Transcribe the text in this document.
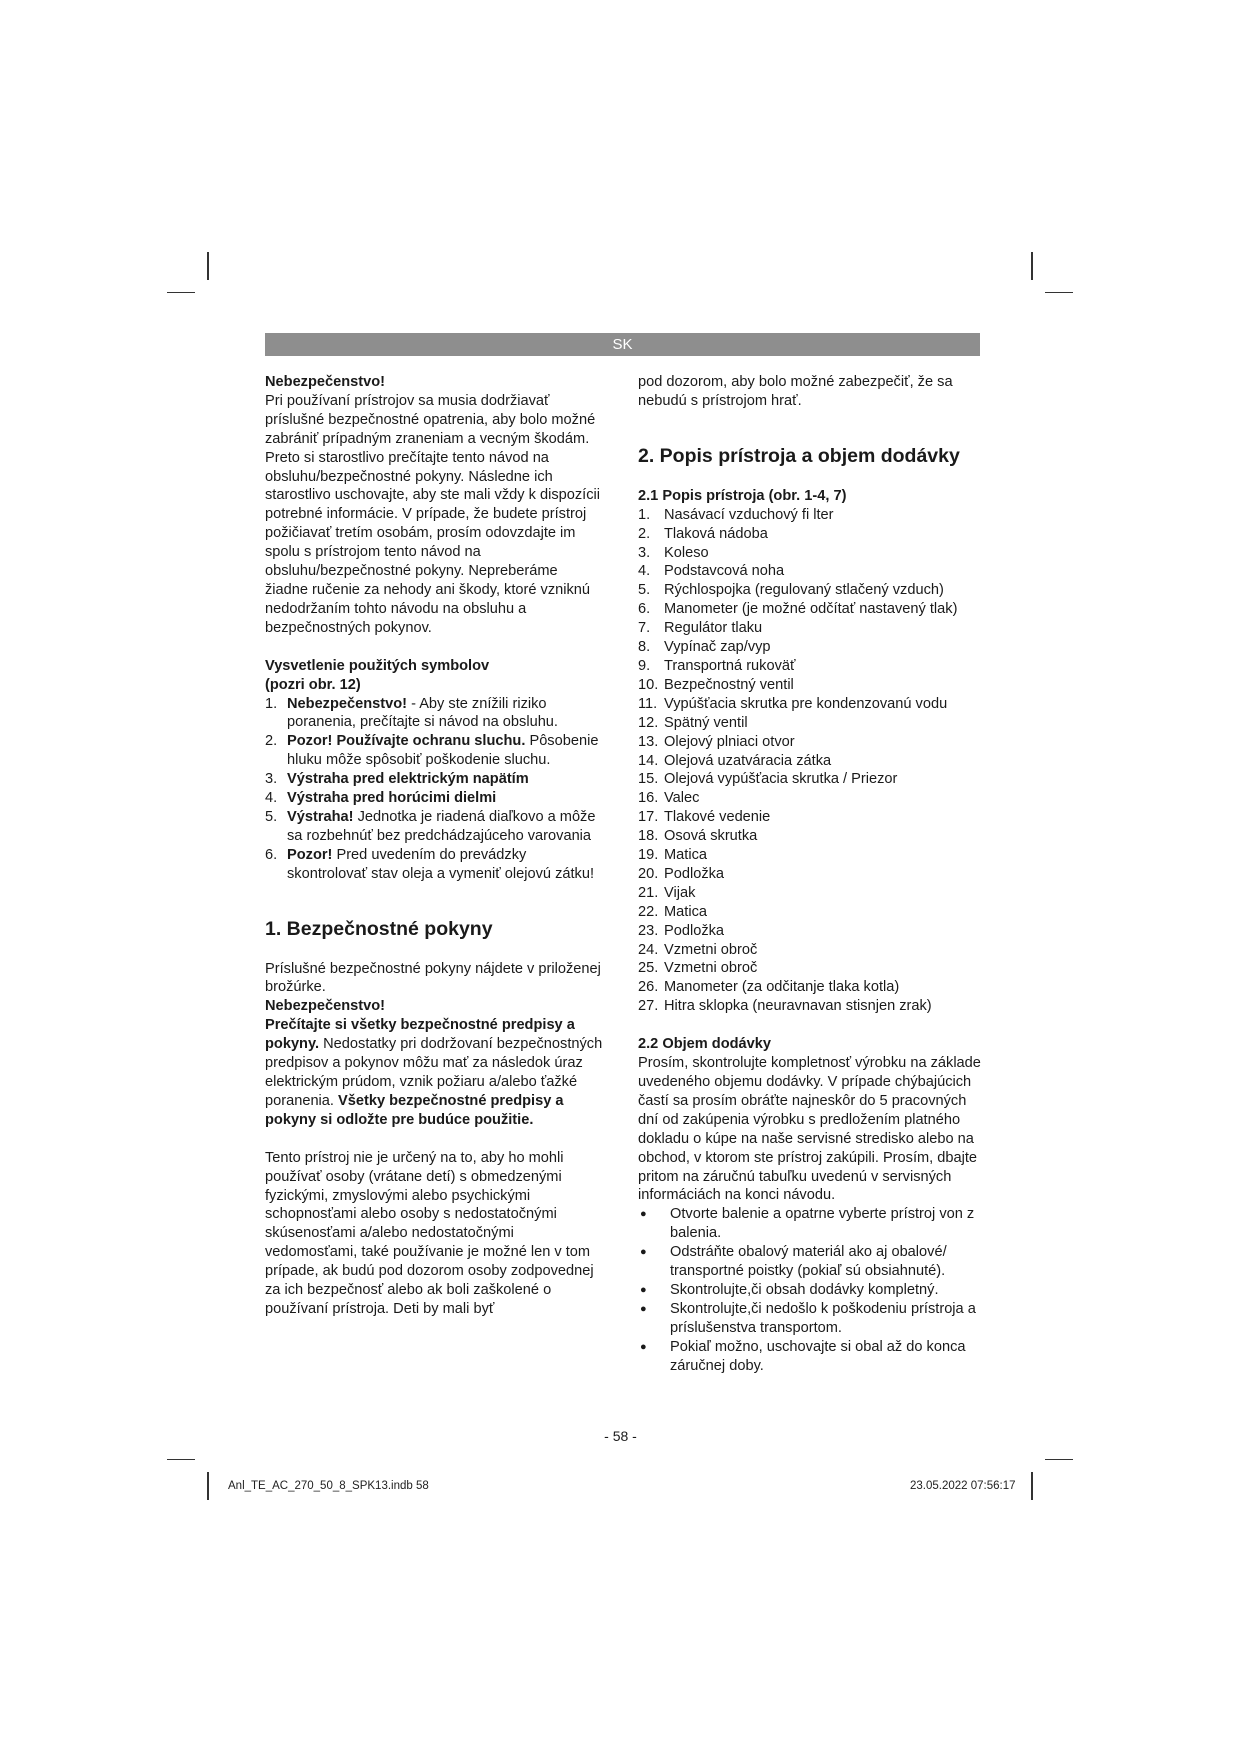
SK

Nebezpečenstvo!

Pri používaní prístrojov sa musia dodržiavať príslušné bezpečnostné opatrenia, aby bolo možné zabrániť prípadným zraneniam a vecným škodám. Preto si starostlivo prečítajte tento návod na obsluhu/bezpečnostné pokyny. Následne ich starostlivo uschovajte, aby ste mali vždy k dispozícii potrebné informácie. V prípade, že budete prístroj požičiavať tretím osobám, prosím odovzdajte im spolu s prístrojom tento návod na obsluhu/bezpečnostné pokyny. Nepreberáme žiadne ručenie za nehody ani škody, ktoré vzniknú nedodržaním tohto návodu na obsluhu a bezpečnostných pokynov.

Vysvetlenie použitých symbolov

(pozri obr. 12)

1. Nebezpečenstvo! - Aby ste znížili riziko poranenia, prečítajte si návod na obsluhu.
2. Pozor! Používajte ochranu sluchu. Pôsobenie hluku môže spôsobiť poškodenie sluchu.
3. Výstraha pred elektrickým napätím
4. Výstraha pred horúcimi dielmi
5. Výstraha! Jednotka je riadená diaľkovo a môže sa rozbehnúť bez predchádzajúceho varovania
6. Pozor! Pred uvedením do prevádzky skontrolovať stav oleja a vymeniť olejovú zátku!

1. Bezpečnostné pokyny

Príslušné bezpečnostné pokyny nájdete v priloženej brožúrke.

Nebezpečenstvo!

Prečítajte si všetky bezpečnostné predpisy a pokyny. Nedostatky pri dodržovaní bezpečnostných predpisov a pokynov môžu mať za následok úraz elektrickým prúdom, vznik požiaru a/alebo ťažké poranenia. Všetky bezpečnostné predpisy a pokyny si odložte pre budúce použitie.

Tento prístroj nie je určený na to, aby ho mohli používať osoby (vrátane detí) s obmedzenými fyzickými, zmyslovými alebo psychickými schopnosťami alebo osoby s nedostatočnými skúsenosťami a/alebo nedostatočnými vedomosťami, také používanie je možné len v tom prípade, ak budú pod dozorom osoby zodpovednej za ich bezpečnosť alebo ak boli zaškolené o používaní prístroja. Deti by mali byť

pod dozorom, aby bolo možné zabezpečiť, že sa nebudú s prístrojom hrať.

2. Popis prístroja a objem dodávky

2.1 Popis prístroja (obr. 1-4, 7)

1. Nasávací vzduchový fi lter
2. Tlaková nádoba
3. Koleso
4. Podstavcová noha
5. Rýchlospojka (regulovaný stlačený vzduch)
6. Manometer (je možné odčítať nastavený tlak)
7. Regulátor tlaku
8. Vypínač zap/vyp
9. Transportná rukoväť
10. Bezpečnostný ventil
11. Vypúšťacia skrutka pre kondenzovanú vodu
12. Spätný ventil
13. Olejový plniaci otvor
14. Olejová uzatváracia zátka
15. Olejová vypúšťacia skrutka / Priezor
16. Valec
17. Tlakové vedenie
18. Osová skrutka
19. Matica
20. Podložka
21. Vijak
22. Matica
23. Podložka
24. Vzmetni obroč
25. Vzmetni obroč
26. Manometer (za odčitanje tlaka kotla)
27. Hitra sklopka (neuravnavan stisnjen zrak)

2.2 Objem dodávky

Prosím, skontrolujte kompletnosť výrobku na základe uvedeného objemu dodávky. V prípade chýbajúcich častí sa prosím obráťte najneskôr do 5 pracovných dní od zakúpenia výrobku s predložením platného dokladu o kúpe na naše servisné stredisko alebo na obchod, v ktorom ste prístroj zakúpili. Prosím, dbajte pritom na záručnú tabuľku uvedenú v servisných informáciách na konci návodu.

●	Otvorte balenie a opatrne vyberte prístroj von z balenia.
●	Odstráňte obalový materiál ako aj obalové/ transportné poistky (pokiaľ sú obsiahnuté).
●	Skontrolujte,či obsah dodávky kompletný.
●	Skontrolujte,či nedošlo k poškodeniu prístroja a príslušenstva transportom.
●	Pokiaľ možno, uschovajte si obal až do konca záručnej doby.
- 58 -
Anl_TE_AC_270_50_8_SPK13.indb 58	23.05.2022 07:56:17
